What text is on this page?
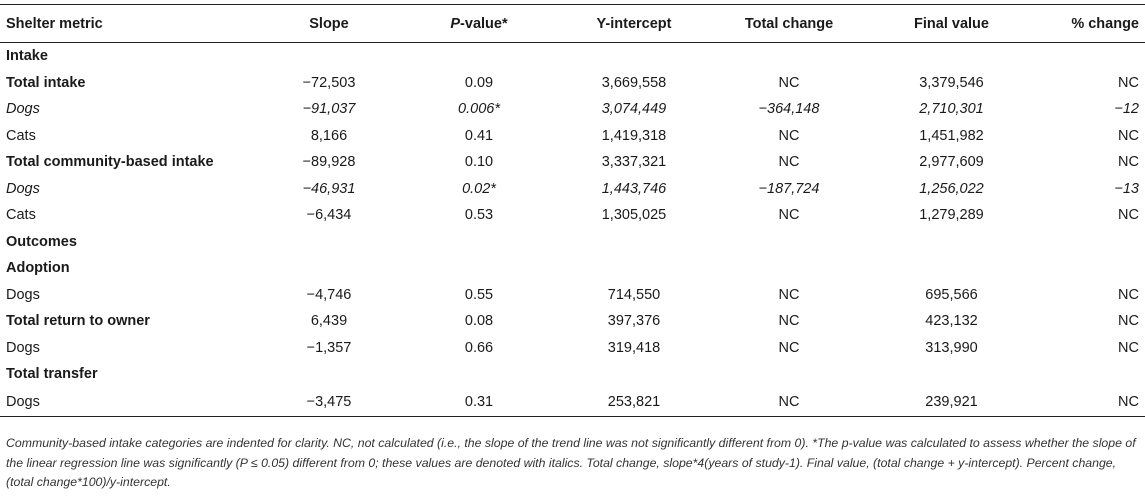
Shelter metric	Slope	P-value*	Y-intercept	Total change	Final value	% change
Intake						
Total intake	−72,503	0.09	3,669,558	NC	3,379,546	NC
Dogs	−91,037	0.006*	3,074,449	−364,148	2,710,301	−12
Cats	8,166	0.41	1,419,318	NC	1,451,982	NC
Total community-based intake	−89,928	0.10	3,337,321	NC	2,977,609	NC
Dogs	−46,931	0.02*	1,443,746	−187,724	1,256,022	−13
Cats	−6,434	0.53	1,305,025	NC	1,279,289	NC
Outcomes						
Adoption						
Dogs	−4,746	0.55	714,550	NC	695,566	NC
Total return to owner	6,439	0.08	397,376	NC	423,132	NC
Dogs	−1,357	0.66	319,418	NC	313,990	NC
Total transfer						
Dogs	−3,475	0.31	253,821	NC	239,921	NC
Community-based intake categories are indented for clarity. NC, not calculated (i.e., the slope of the trend line was not significantly different from 0). *The p-value was calculated to assess whether the slope of the linear regression line was significantly (P ≤ 0.05) different from 0; these values are denoted with italics. Total change, slope*4(years of study-1). Final value, (total change + y-intercept). Percent change, (total change*100)/y-intercept.
